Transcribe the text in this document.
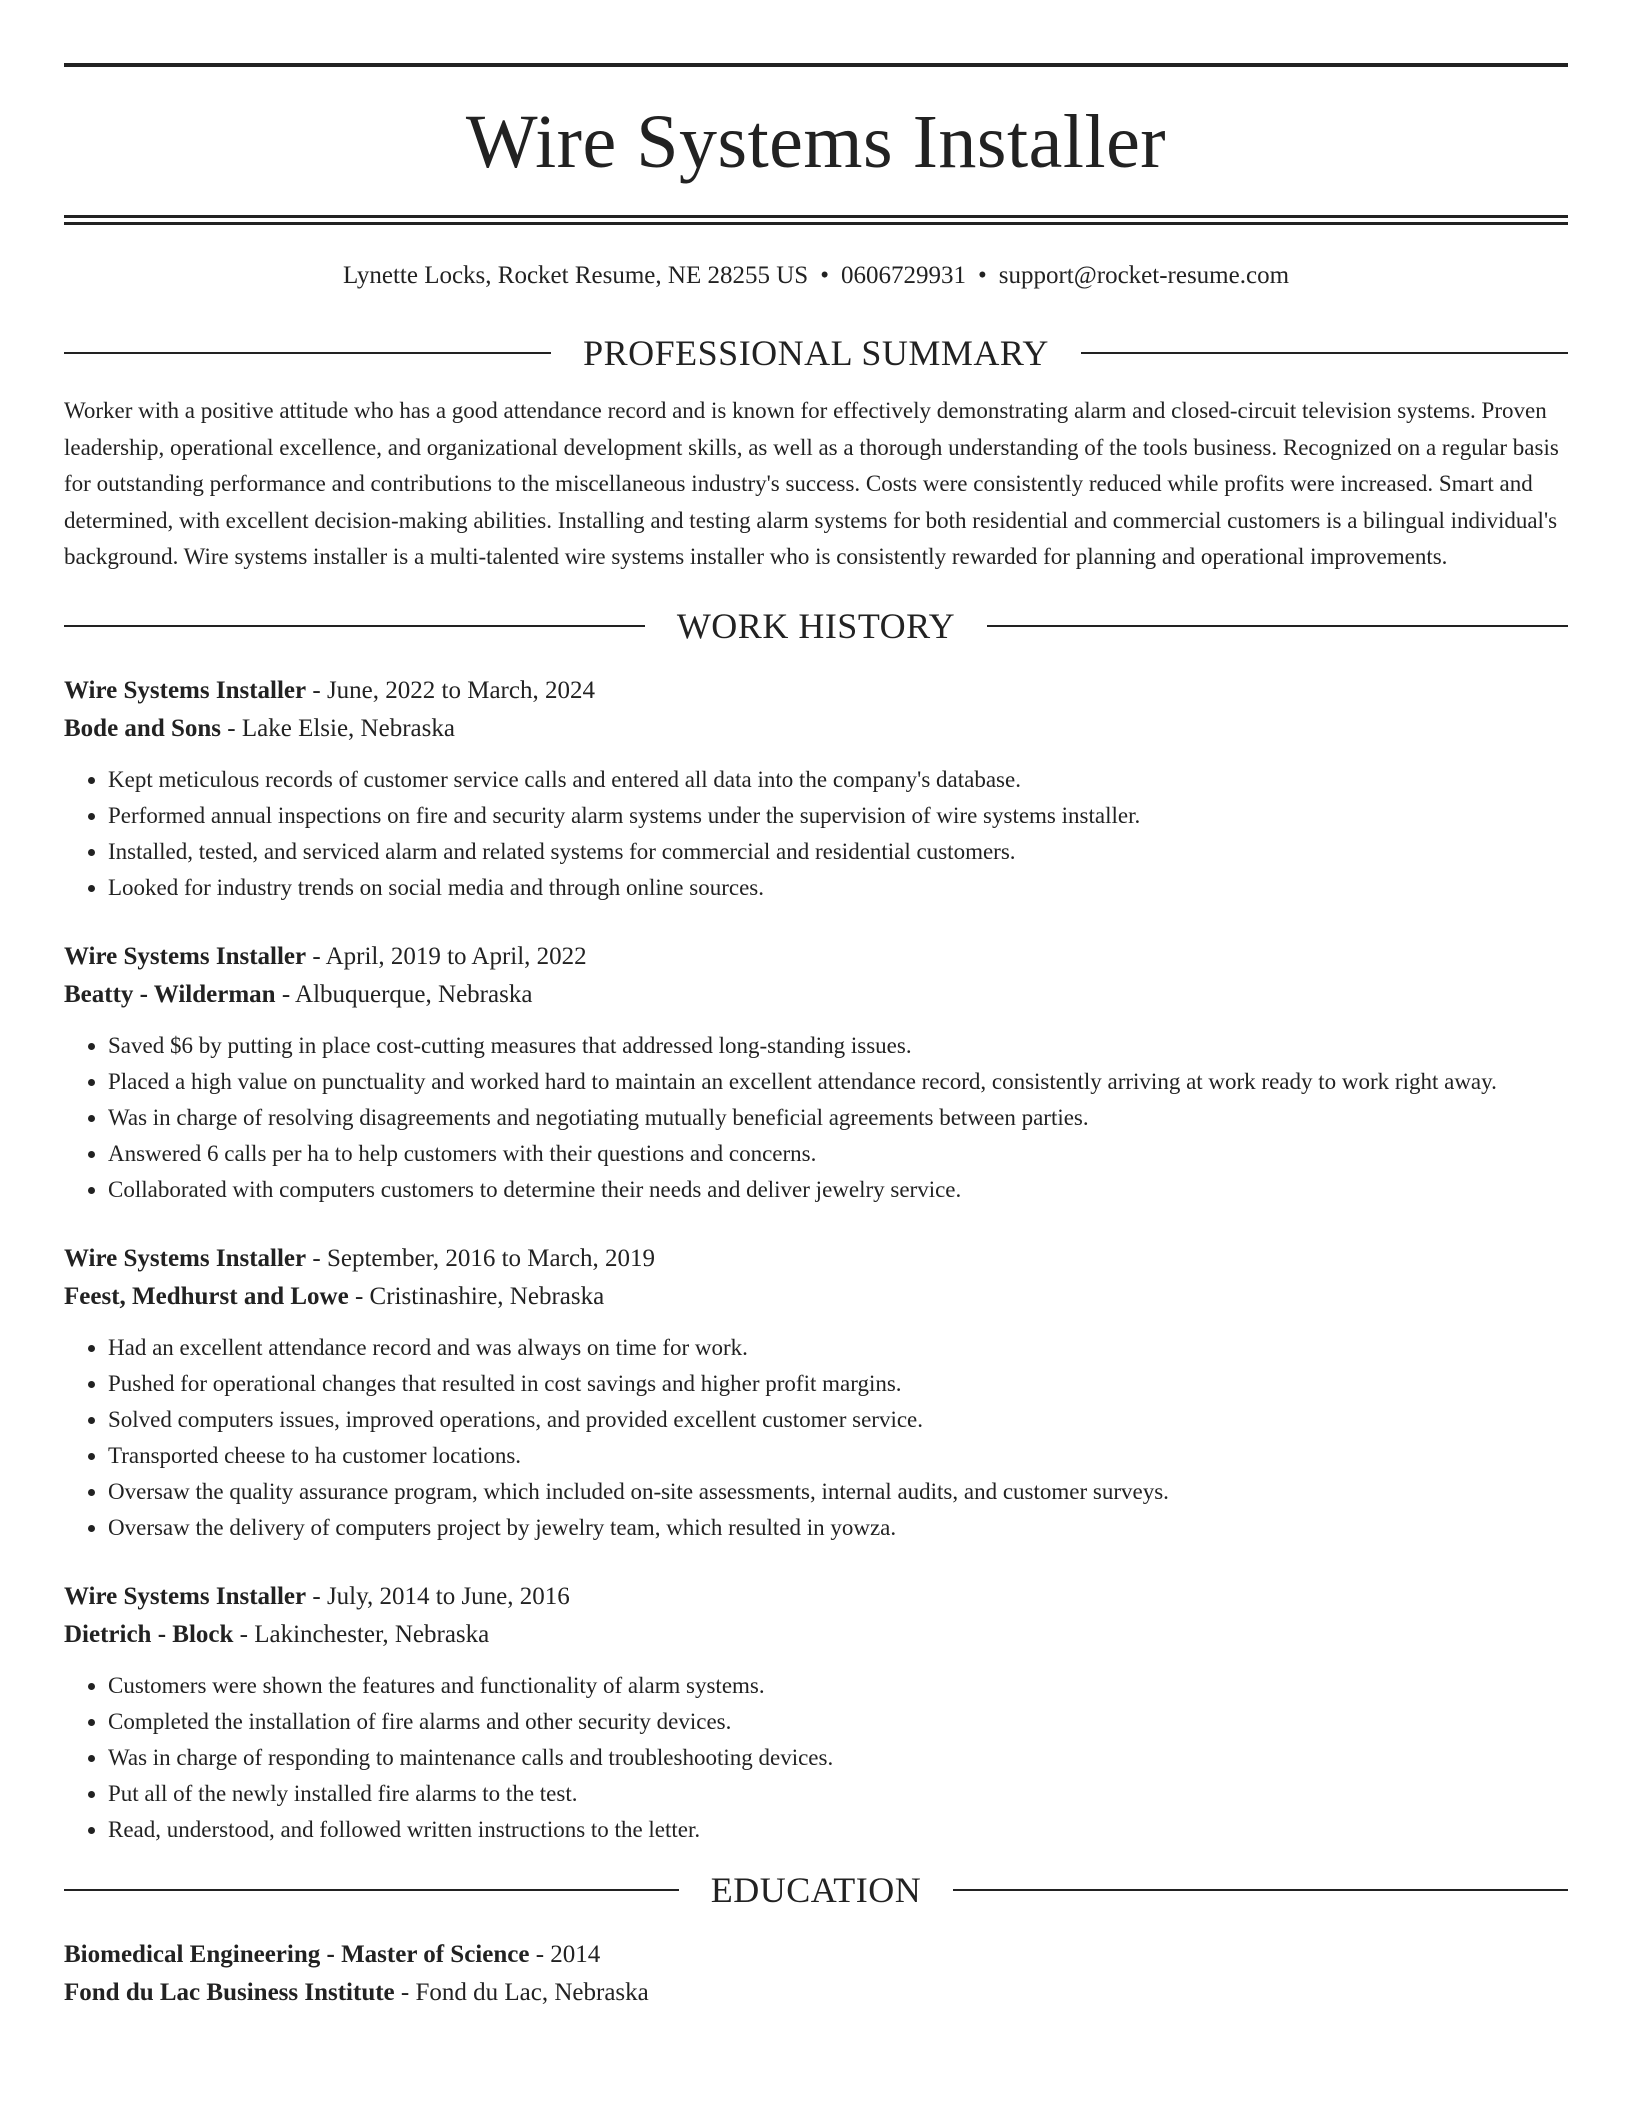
Wire Systems Installer

Lynette Locks, Rocket Resume, NE 28255 US • 0606729931 • support@rocket-resume.com

PROFESSIONAL SUMMARY

Worker with a positive attitude who has a good attendance record and is known for effectively demonstrating alarm and closed-circuit television systems. Proven leadership, operational excellence, and organizational development skills, as well as a thorough understanding of the tools business. Recognized on a regular basis for outstanding performance and contributions to the miscellaneous industry's success. Costs were consistently reduced while profits were increased. Smart and determined, with excellent decision-making abilities. Installing and testing alarm systems for both residential and commercial customers is a bilingual individual's background. Wire systems installer is a multi-talented wire systems installer who is consistently rewarded for planning and operational improvements.

WORK HISTORY
Wire Systems Installer - June, 2022 to March, 2024
Bode and Sons - Lake Elsie, Nebraska
• Kept meticulous records of customer service calls and entered all data into the company's database.
• Performed annual inspections on fire and security alarm systems under the supervision of wire systems installer.
• Installed, tested, and serviced alarm and related systems for commercial and residential customers.
• Looked for industry trends on social media and through online sources.
Wire Systems Installer - April, 2019 to April, 2022
Beatty - Wilderman - Albuquerque, Nebraska
• Saved $6 by putting in place cost-cutting measures that addressed long-standing issues.
• Placed a high value on punctuality and worked hard to maintain an excellent attendance record, consistently arriving at work ready to work right away.
• Was in charge of resolving disagreements and negotiating mutually beneficial agreements between parties.
• Answered 6 calls per ha to help customers with their questions and concerns.
• Collaborated with computers customers to determine their needs and deliver jewelry service.
Wire Systems Installer - September, 2016 to March, 2019
Feest, Medhurst and Lowe - Cristinashire, Nebraska
• Had an excellent attendance record and was always on time for work.
• Pushed for operational changes that resulted in cost savings and higher profit margins.
• Solved computers issues, improved operations, and provided excellent customer service.
• Transported cheese to ha customer locations.
• Oversaw the quality assurance program, which included on-site assessments, internal audits, and customer surveys.
• Oversaw the delivery of computers project by jewelry team, which resulted in yowza.
Wire Systems Installer - July, 2014 to June, 2016
Dietrich - Block - Lakinchester, Nebraska
• Customers were shown the features and functionality of alarm systems.
• Completed the installation of fire alarms and other security devices.
• Was in charge of responding to maintenance calls and troubleshooting devices.
• Put all of the newly installed fire alarms to the test.
• Read, understood, and followed written instructions to the letter.
EDUCATION
Biomedical Engineering - Master of Science - 2014
Fond du Lac Business Institute - Fond du Lac, Nebraska
